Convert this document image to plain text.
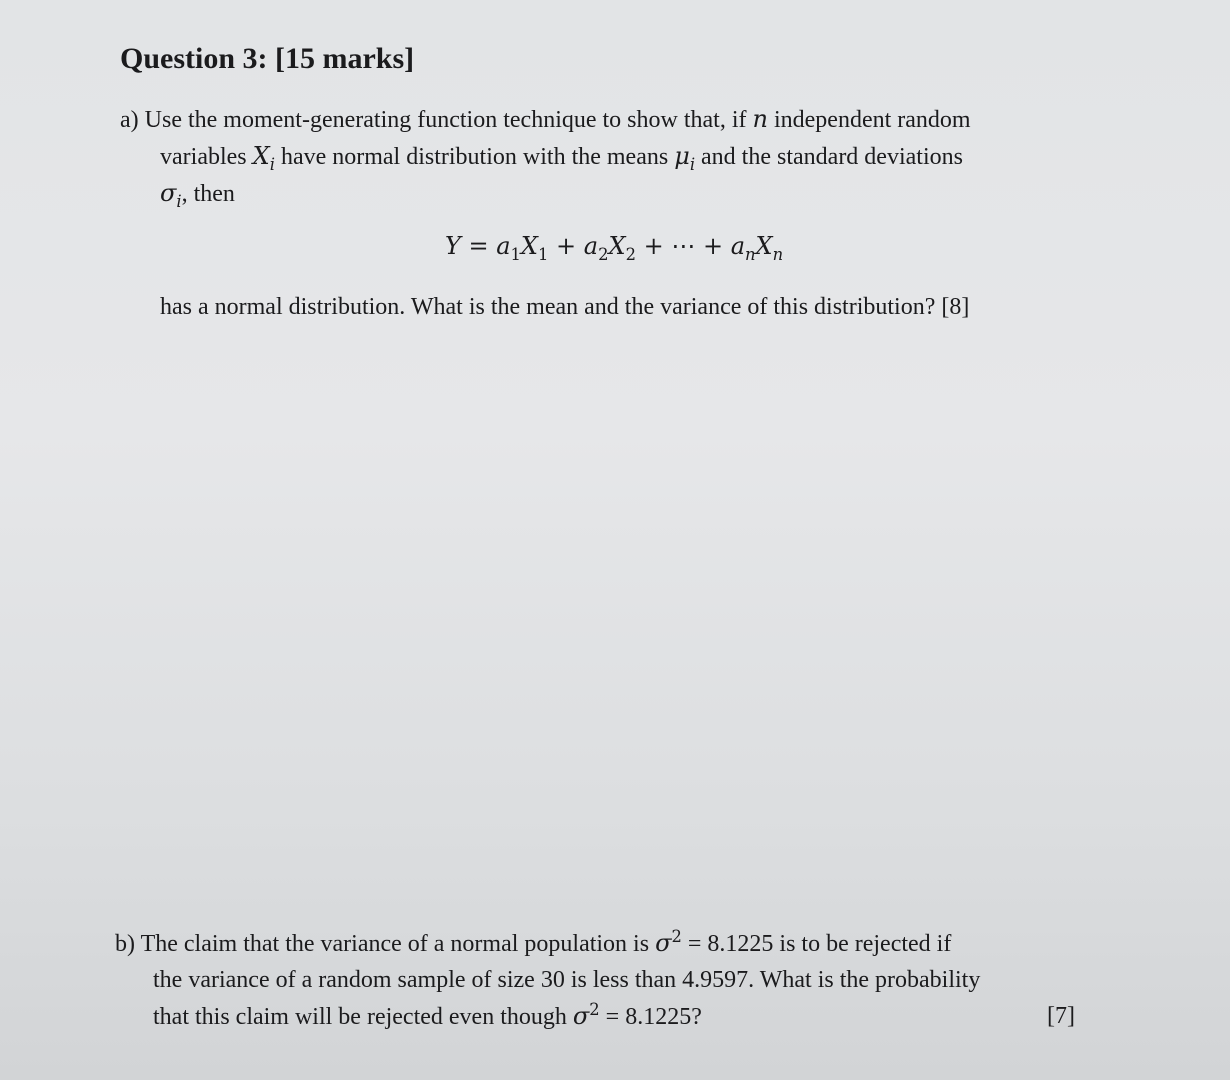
Question 3: [15 marks]
a) Use the moment-generating function technique to show that, if n independent random
variables $X_i$ have normal distribution with the means $\mu_i$ and the standard deviations
$\sigma_i$, then
$Y = a_1X_1 + a_2X_2$ + ⋯ + $a_nX_n$
has a normal distribution. What is the mean and the variance of this distribution? [8]
b) The claim that the variance of a normal population is $\sigma^2 = 8.1225$ is to be rejected if
the variance of a random sample of size 30 is less than 4.9597. What is the probability
that this claim will be rejected even though $\sigma^2 = 8.1225$?	[7]
